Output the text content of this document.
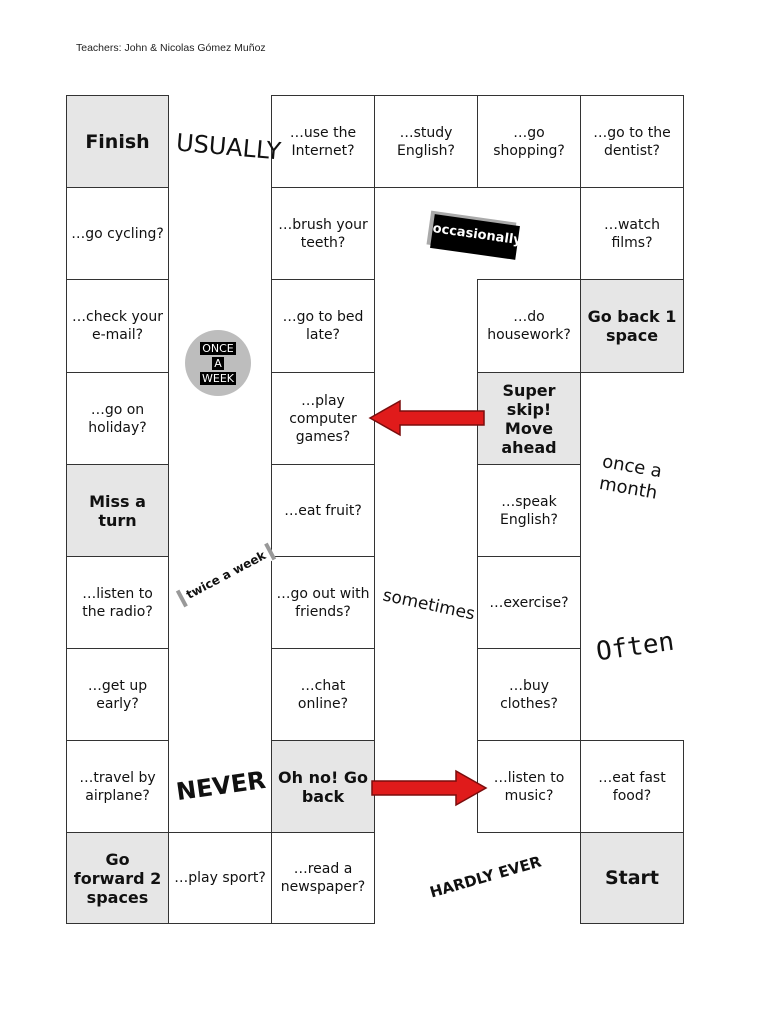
Teachers: John & Nicolas Gómez Muñoz
Finish
…go cycling?
…check your e-mail?
…go on holiday?
Miss a turn
…listen to the radio?
…get up early?
…travel by airplane?
Go forward 2 spaces
…play sport?
…use the Internet?
…brush your teeth?
…go to bed late?
…play computer games?
…eat fruit?
…go out with friends?
…chat online?
Oh no! Go back
…read a newspaper?
…study English?
…go shopping?
…do housework?
Super skip! Move ahead
…speak English?
…exercise?
…buy clothes?
…listen to music?
…go to the dentist?
…watch films?
Go back 1 space
…eat fast food?
Start
USUALLY
occasionally
ONCE
A
WEEK
once a
month
twice a week
sometimes
Often
NEVER
HARDLY EVER
